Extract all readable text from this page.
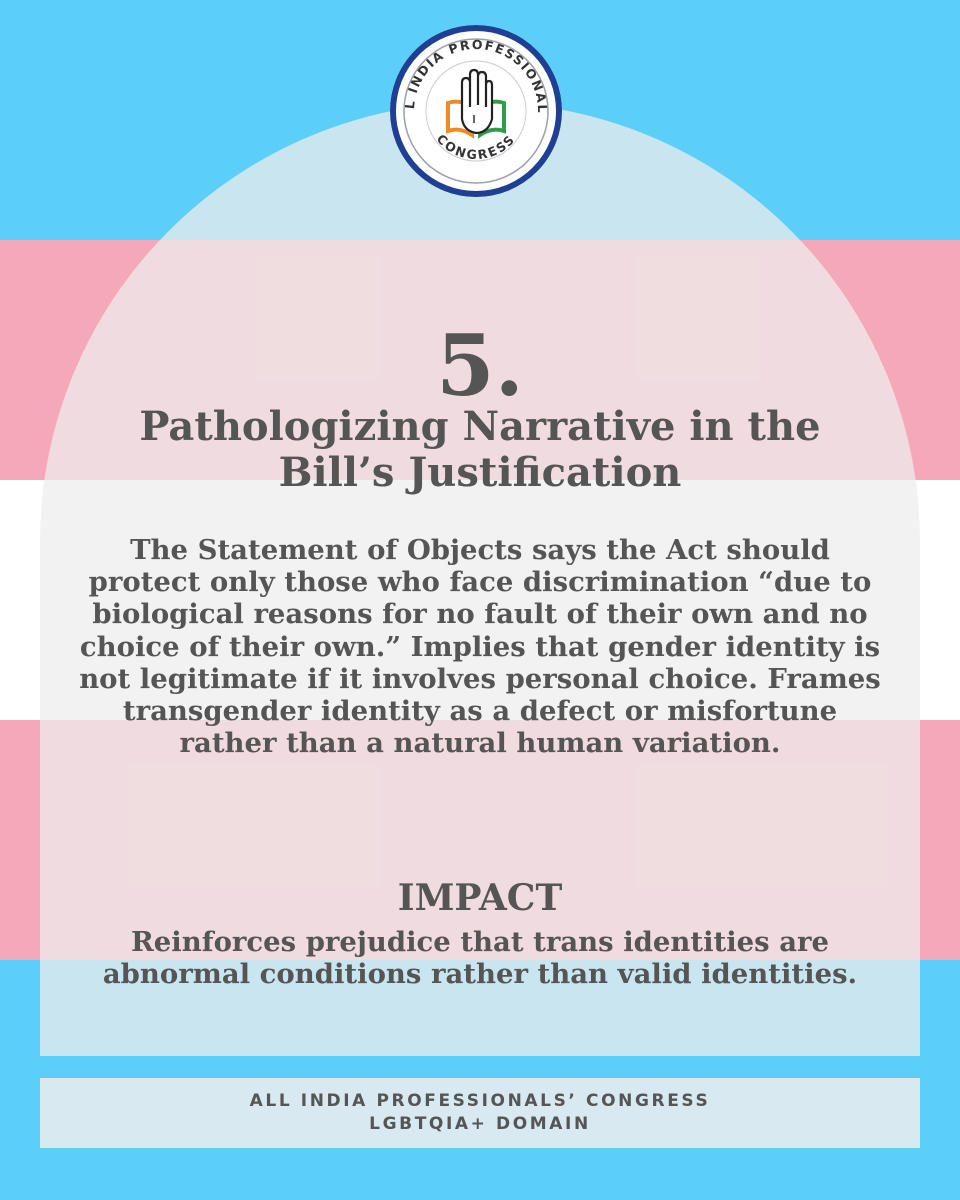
L INDIA PROFESSIONAL
CONGRESS
5.
Pathologizing Narrative in the
Bill’s Justification
The Statement of Objects says the Act should
protect only those who face discrimination “due to
biological reasons for no fault of their own and no
choice of their own.” Implies that gender identity is
not legitimate if it involves personal choice. Frames
transgender identity as a defect or misfortune
rather than a natural human variation.
IMPACT
Reinforces prejudice that trans identities are
abnormal conditions rather than valid identities.
ALL INDIA PROFESSIONALS’ CONGRESS
LGBTQIA+ DOMAIN
